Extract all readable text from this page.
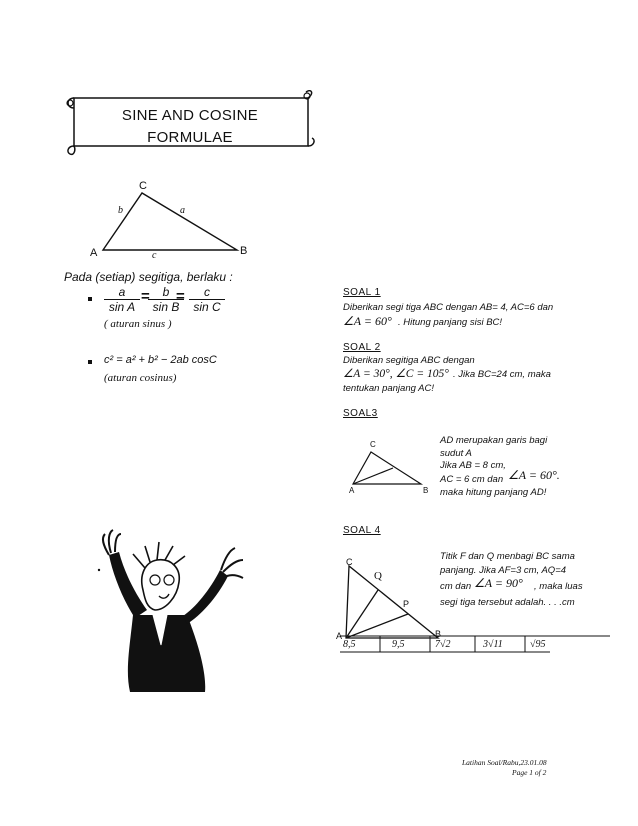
SINE AND COSINE
FORMULAE
C
A	B
b	a
c
Pada (setiap) segitiga, berlaku :
$\frac{a}{\text{sin A}}$ =
$\frac{b}{\text{sin B}}$
= $\frac{c}{\text{sin C}}$
( aturan sinus )
c² = a² + b² − 2ab cosC
(aturan cosinus)
SOAL 1
Diberikan segi tiga ABC dengan AB= 4, AC=6 dan
∠A = 60° . Hitung panjang sisi BC!
SOAL 2
Diberikan segitiga ABC dengan
∠A = 30°, ∠C = 105° . Jika BC=24 cm, maka
tentukan panjang AC!
SOAL3
C
A	B
AD merupakan garis bagi
sudut A
Jika AB = 8 cm,
AC = 6 cm dan ∠A = 60°.
maka hitung panjang AD!
SOAL 4
C
Q
P
A	B
Titik F dan Q menbagi BC sama
panjang. Jika AF=3 cm, AQ=4
cm dan ∠A = 90° , maka luas
segi tiga tersebut adalah. . . .cm
8,5	9,5	7√2	3√11	√95
Latihan Soal/Rabu,23.01.08
Page 1 of 2
